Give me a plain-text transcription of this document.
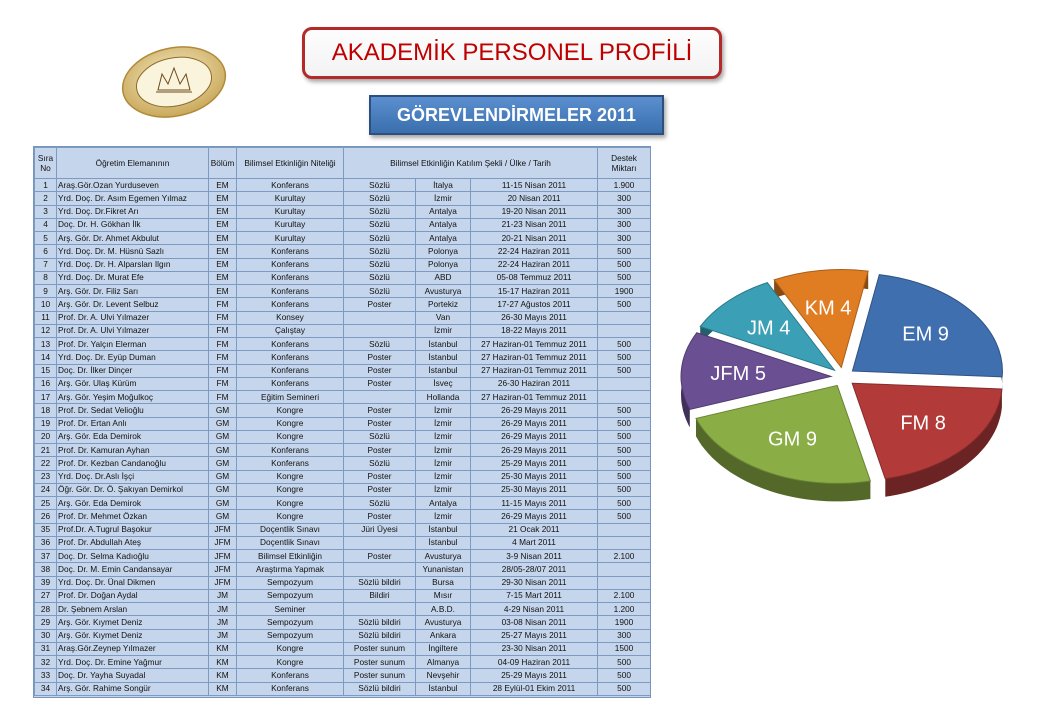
AKADEMİK PERSONEL PROFİLİ
GÖREVLENDİRMELER 2011
Sıra No	Öğretim Elemanının	Bölüm	Bilimsel Etkinliğin Niteliği	Bilimsel Etkinliğin Katılım Şekli / Ülke / Tarih			Destek Miktarı
1	Araş.Gör.Ozan Yurduseven	EM	Konferans	Sözlü	İtalya	11-15 Nisan 2011	1.900
2	Yrd. Doç. Dr. Asım Egemen Yılmaz	EM	Kurultay	Sözlü	İzmir	20 Nisan 2011	300
3	Yrd. Doç. Dr.Fikret Arı	EM	Kurultay	Sözlü	Antalya	19-20 Nisan 2011	300
4	Doç. Dr. H. Gökhan İlk	EM	Kurultay	Sözlü	Antalya	21-23 Nisan 2011	300
5	Arş. Gör. Dr. Ahmet Akbulut	EM	Kurultay	Sözlü	Antalya	20-21 Nisan 2011	300
6	Yrd. Doç. Dr. M. Hüsnü Sazlı	EM	Konferans	Sözlü	Polonya	22-24 Haziran 2011	500
7	Yrd. Doç. Dr. H. Alparslan Ilgın	EM	Konferans	Sözlü	Polonya	22-24 Haziran 2011	500
8	Yrd. Doç. Dr. Murat Efe	EM	Konferans	Sözlü	ABD	05-08 Temmuz 2011	500
9	Arş. Gör. Dr. Filiz Sarı	EM	Konferans	Sözlü	Avusturya	15-17 Haziran 2011	1900
10	Arş. Gör. Dr. Levent Selbuz	FM	Konferans	Poster	Portekiz	17-27 Ağustos 2011	500
11	Prof. Dr. A. Ulvi Yılmazer	FM	Konsey		Van	26-30 Mayıs 2011	
12	Prof. Dr. A. Ulvi Yılmazer	FM	Çalıştay		İzmir	18-22 Mayıs 2011	
13	Prof. Dr. Yalçın Elerman	FM	Konferans	Sözlü	İstanbul	27 Haziran-01 Temmuz 2011	500
14	Yrd. Doç. Dr. Eyüp Duman	FM	Konferans	Poster	İstanbul	27 Haziran-01 Temmuz 2011	500
15	Doç. Dr. İlker Dinçer	FM	Konferans	Poster	İstanbul	27 Haziran-01 Temmuz 2011	500
16	Arş. Gör. Ulaş Kürüm	FM	Konferans	Poster	İsveç	26-30 Haziran 2011	
17	Arş. Gör. Yeşim Moğulkoç	FM	Eğitim Semineri		Hollanda	27 Haziran-01 Temmuz 2011	
18	Prof. Dr. Sedat Velioğlu	GM	Kongre	Poster	İzmir	26-29 Mayıs 2011	500
19	Prof. Dr. Ertan Anlı	GM	Kongre	Poster	İzmir	26-29 Mayıs 2011	500
20	Arş. Gör. Eda Demirok	GM	Kongre	Sözlü	İzmir	26-29 Mayıs 2011	500
21	Prof. Dr. Kamuran Ayhan	GM	Konferans	Poster	İzmir	26-29 Mayıs 2011	500
22	Prof. Dr. Kezban Candanoğlu	GM	Konferans	Sözlü	İzmir	25-29 Mayıs 2011	500
23	Yrd. Doç. Dr.Aslı İşçi	GM	Kongre	Poster	İzmir	25-30 Mayıs 2011	500
24	Öğr. Gör. Dr. Ö. Şakıyan Demirkol	GM	Kongre	Poster	İzmir	25-30 Mayıs 2011	500
25	Arş. Gör. Eda Demirok	GM	Kongre	Sözlü	Antalya	11-15 Mayıs 2011	500
26	Prof. Dr. Mehmet Özkan	GM	Kongre	Poster	İzmir	26-29 Mayıs 2011	500
35	Prof.Dr. A.Tugrul Başokur	JFM	Doçentlik Sınavı	Jüri Üyesi	İstanbul	21 Ocak 2011	
36	Prof. Dr. Abdullah Ateş	JFM	Doçentlik Sınavı		İstanbul	4 Mart 2011	
37	Doç. Dr. Selma Kadıoğlu	JFM	Bilimsel Etkinliğin	Poster	Avusturya	3-9 Nisan 2011	2.100
38	Doç. Dr. M. Emin Candansayar	JFM	Araştırma Yapmak		Yunanistan	28/05-28/07 2011	
39	Yrd. Doç. Dr. Ünal Dikmen	JFM	Sempozyum	Sözlü bildiri	Bursa	29-30 Nisan 2011	
27	Prof. Dr. Doğan Aydal	JM	Sempozyum	Bildiri	Mısır	7-15 Mart 2011	2.100
28	Dr. Şebnem Arslan	JM	Seminer		A.B.D.	4-29 Nisan 2011	1.200
29	Arş. Gör. Kıymet Deniz	JM	Sempozyum	Sözlü bildiri	Avusturya	03-08 Nisan 2011	1900
30	Arş. Gör. Kıymet Deniz	JM	Sempozyum	Sözlü bildiri	Ankara	25-27 Mayıs 2011	300
31	Araş.Gör.Zeynep Yılmazer	KM	Kongre	Poster sunum	İngiltere	23-30 Nisan 2011	1500
32	Yrd. Doç. Dr. Emine Yağmur	KM	Kongre	Poster sunum	Almanya	04-09 Haziran 2011	500
33	Doç. Dr. Yayha Suyadal	KM	Konferans	Poster sunum	Nevşehir	25-29 Mayıs 2011	500
34	Arş. Gör. Rahime Songür	KM	Konferans	Sözlü bildiri	İstanbul	28 Eylül-01 Ekim 2011	500
EM 9
FM 8
GM 9
JFM 5
JM 4
KM 4
